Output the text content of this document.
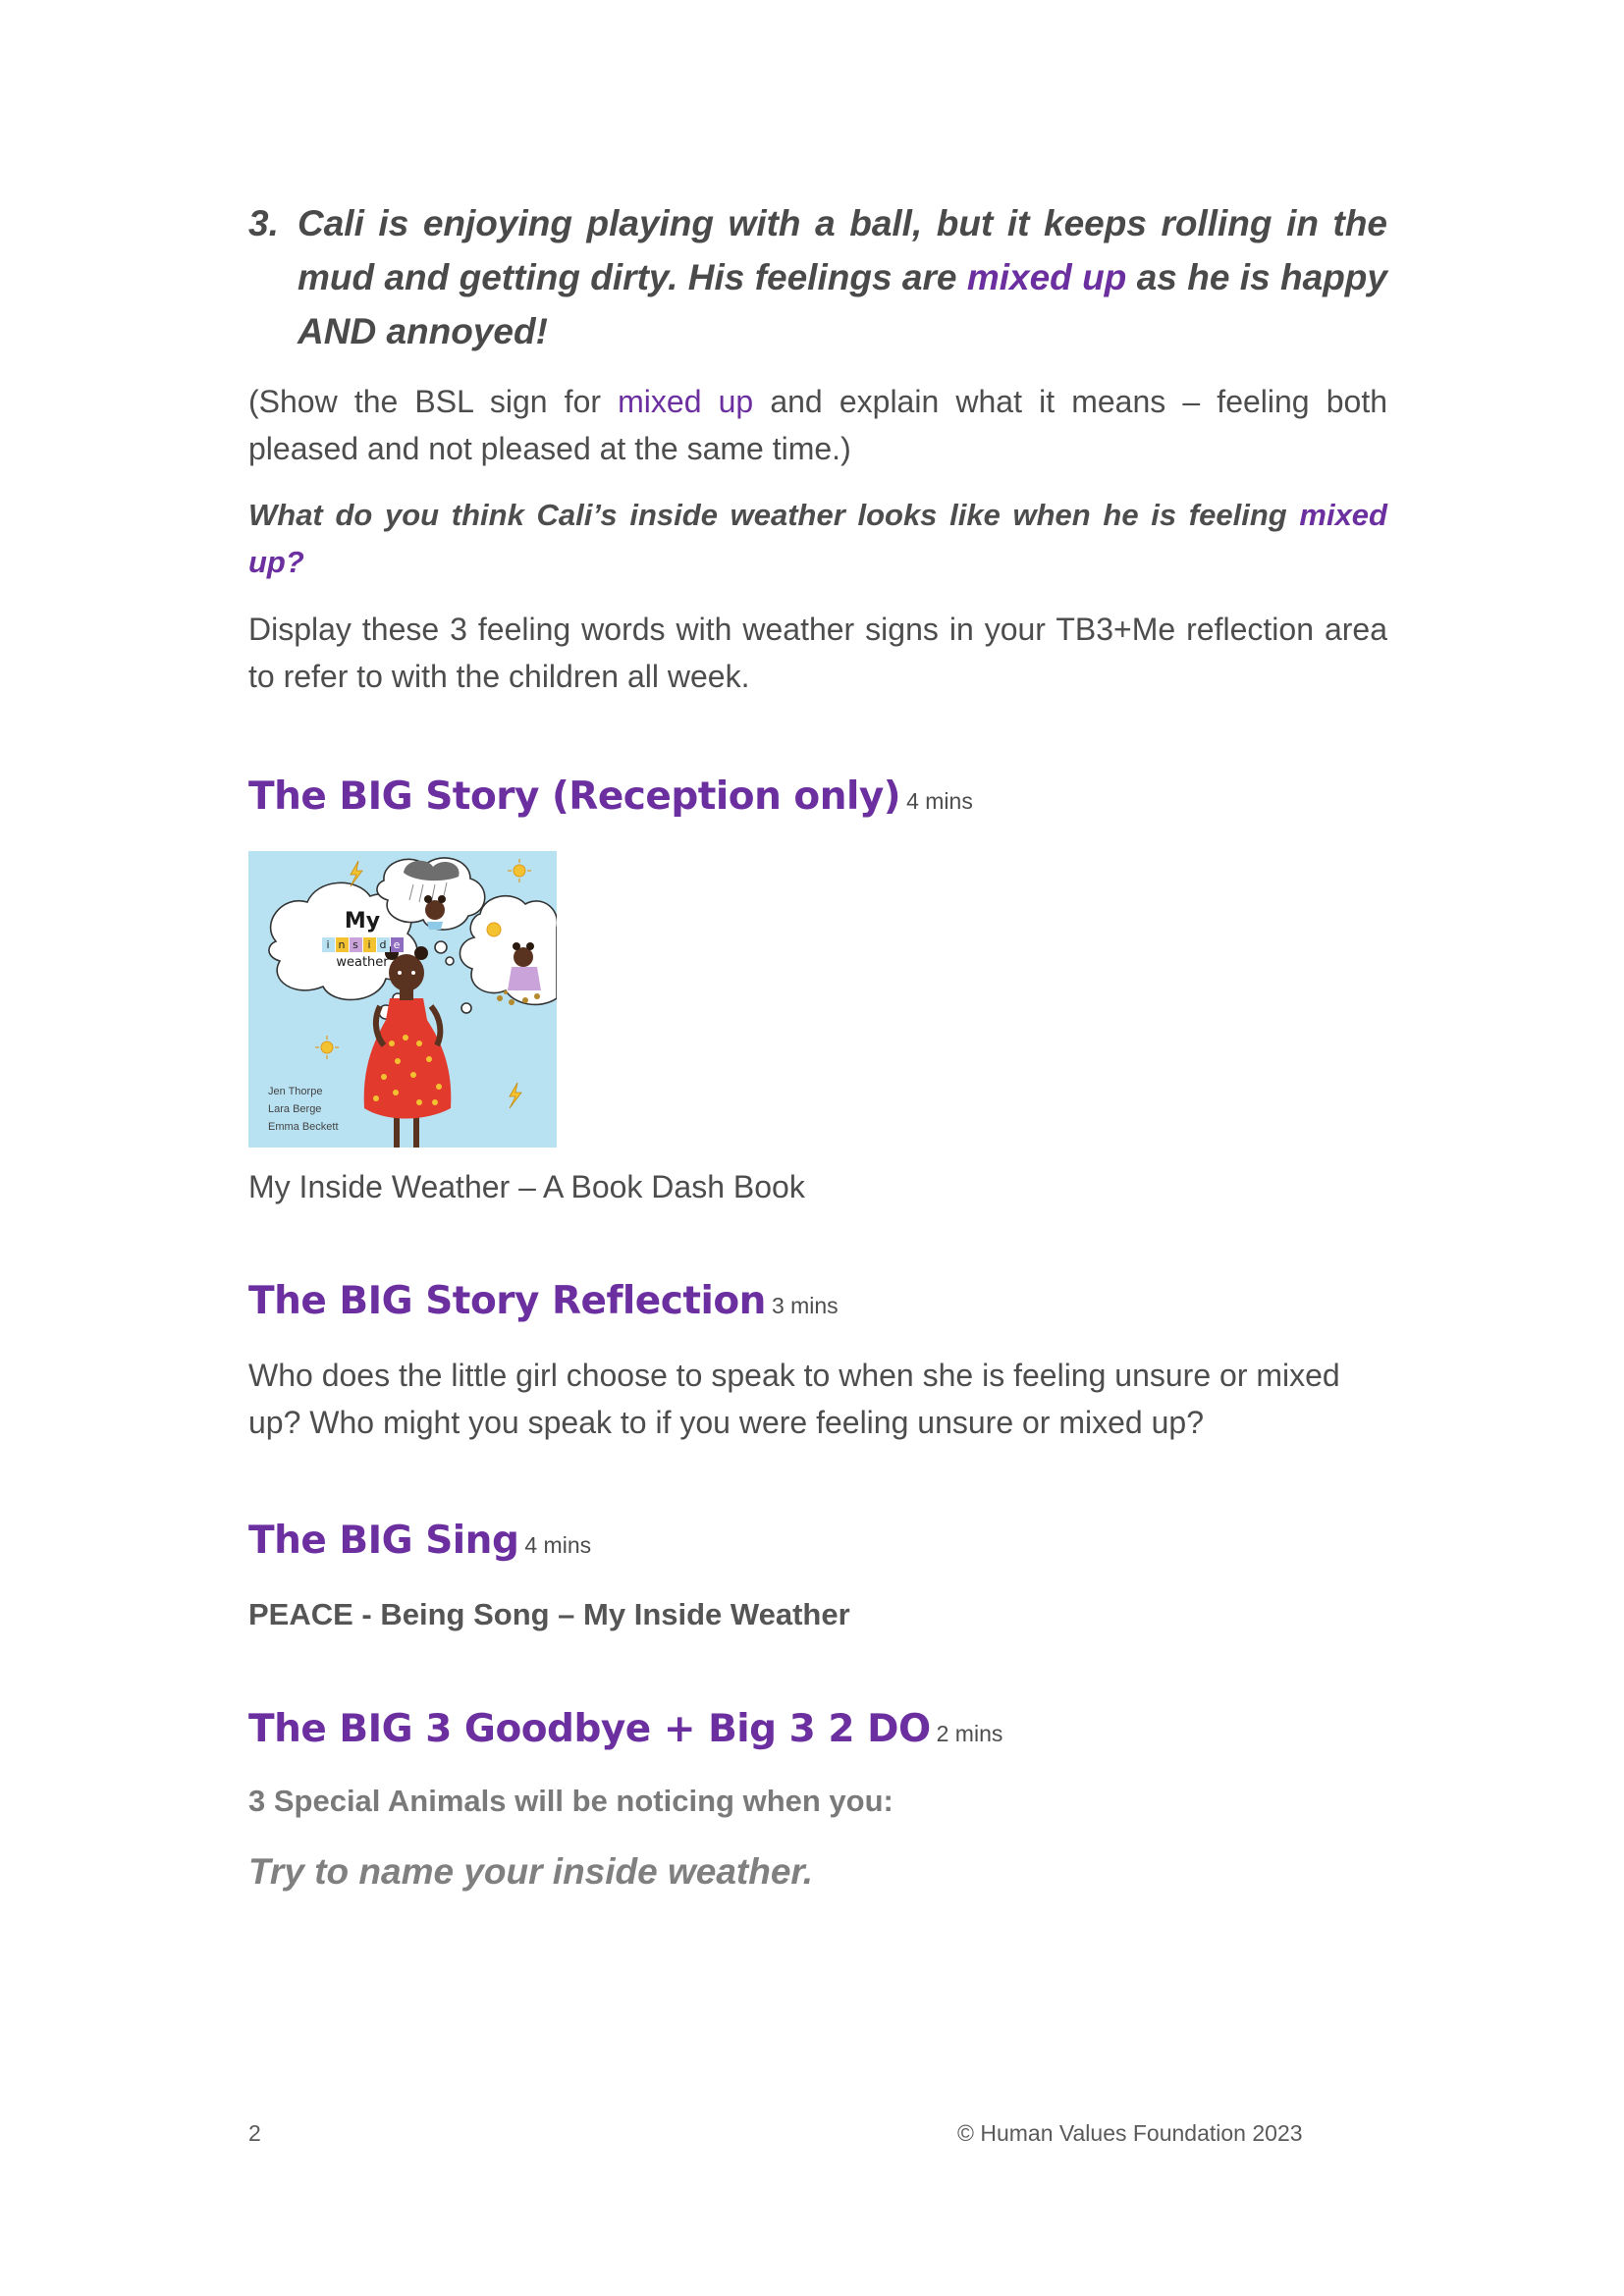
3. Cali is enjoying playing with a ball, but it keeps rolling in the mud and getting dirty. His feelings are mixed up as he is happy AND annoyed!

(Show the BSL sign for mixed up and explain what it means – feeling both pleased and not pleased at the same time.)

What do you think Cali’s inside weather looks like when he is feeling mixed up?

Display these 3 feeling words with weather signs in your TB3+Me reflection area to refer to with the children all week.

The BIG Story (Reception only) 4 mins
My
i n s i d e
weather
Jen Thorpe
Lara Berge
Emma Beckett

My Inside Weather – A Book Dash Book

The BIG Story Reflection 3 mins

Who does the little girl choose to speak to when she is feeling unsure or mixed up? Who might you speak to if you were feeling unsure or mixed up?

The BIG Sing 4 mins

PEACE - Being Song – My Inside Weather

The BIG 3 Goodbye + Big 3 2 DO 2 mins

3 Special Animals will be noticing when you:

Try to name your inside weather.

2	© Human Values Foundation 2023
